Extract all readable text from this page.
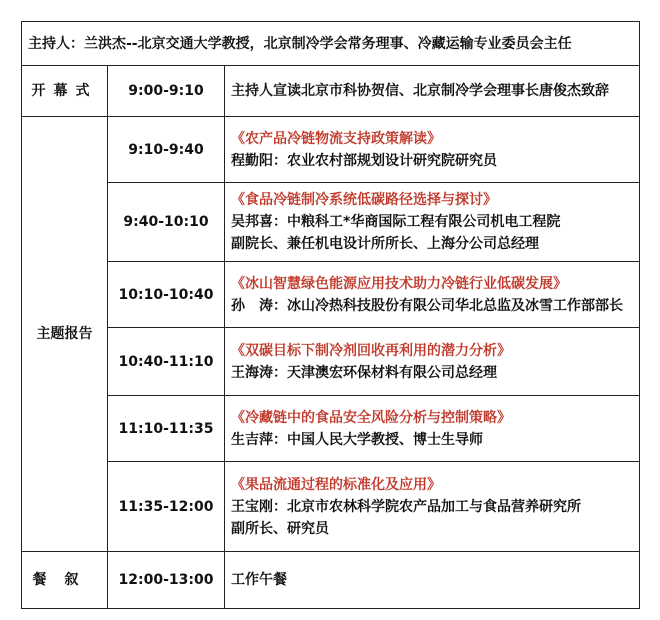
主持人：兰洪杰--北京交通大学教授，北京制冷学会常务理事、冷藏运输专业委员会主任		
开幕式	9:00-9:10	主持人宣读北京市科协贺信、北京制冷学会理事长唐俊杰致辞
主题报告	9:10-9:40	《农产品冷链物流支持政策解读》
程勤阳：农业农村部规划设计研究院研究员

	9:40-10:10	《食品冷链制冷系统低碳路径选择与探讨》
吴邦喜：中粮科工*华商国际工程有限公司机电工程院
副院长、兼任机电设计所所长、上海分公司总经理

	10:10-10:40	《冰山智慧绿色能源应用技术助力冷链行业低碳发展》
孙　涛：冰山冷热科技股份有限公司华北总监及冰雪工作部部长

	10:40-11:10	《双碳目标下制冷剂回收再利用的潜力分析》
王海涛：天津澳宏环保材料有限公司总经理

	11:10-11:35	《冷藏链中的食品安全风险分析与控制策略》
生吉萍：中国人民大学教授、博士生导师

	11:35-12:00	《果品流通过程的标准化及应用》
王宝刚：北京市农林科学院农产品加工与食品营养研究所
副所长、研究员

餐叙	12:00-13:00	工作午餐
